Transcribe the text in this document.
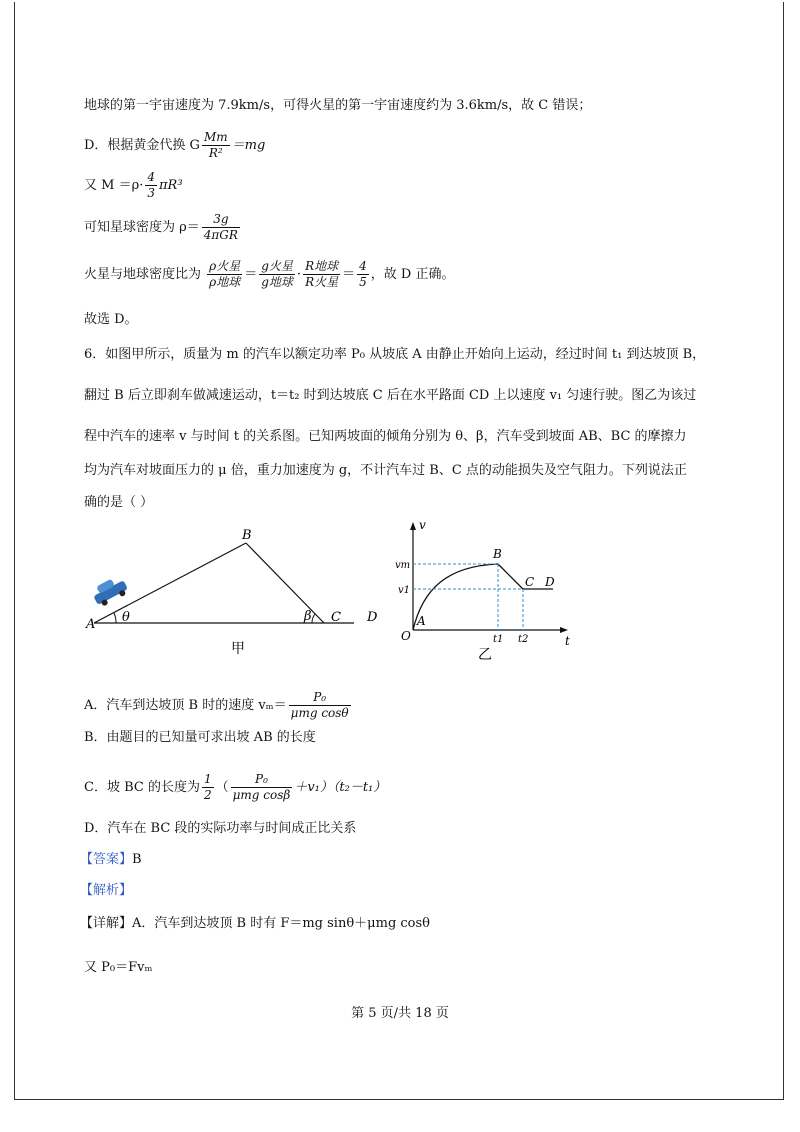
地球的第一宇宙速度为 7.9km/s，可得火星的第一宇宙速度约为 3.6km/s，故 C 错误；
D．根据黄金代换 G $\frac{Mm}{\text{R²}} =mg$
又 $M =\rho\cdot \frac{4}{3} \pi R^3$
可知星球密度为 $\rho= \frac{3g}{\text{4πGR}}$
火星与地球密度比为 $\frac{\text{ρ火星}}{\text{ρ地球}} = \frac{\text{g火星}}{\text{g地球}} \cdot \frac{\text{R地球}}{\text{R火星}} = \frac{4}{5}$ ，故 D 正确。
故选 D。
6．如图甲所示，质量为 m 的汽车以额定功率 P₀ 从坡底 A 由静止开始向上运动，经过时间 t₁ 到达坡顶 B，
翻过 B 后立即刹车做减速运动，t＝t₂ 时到达坡底 C 后在水平路面 CD 上以速度 v₁ 匀速行驶。图乙为该过
程中汽车的速率 v 与时间 t 的关系图。已知两坡面的倾角分别为 θ、β，汽车受到坡面 AB、BC 的摩擦力
均为汽车对坡面压力的 μ 倍，重力加速度为 g，不计汽车过 B、C 点的动能损失及空气阻力。下列说法正
确的是（ ）
A
B
C D
θ	β
甲
v
t
O
A
B
C D
vm
v1
t1 t2
乙
A．汽车到达坡顶 B 时的速度 $v_m= \frac{\text{P₀}}{\text{μmg cosθ}}$
B．由题目的已知量可求出坡 AB 的长度
C．坡 BC 的长度为 $\frac{1}{2}$ （ $\frac{\text{P₀}}{\text{μmg cosβ}} +v_1)(t_2-t_1)$
D．汽车在 BC 段的实际功率与时间成正比关系
【答案】B
【解析】
【详解】A．汽车到达坡顶 B 时有 F＝mg sinθ＋μmg cosθ
又 P₀＝Fvₘ
第 5 页/共 18 页
